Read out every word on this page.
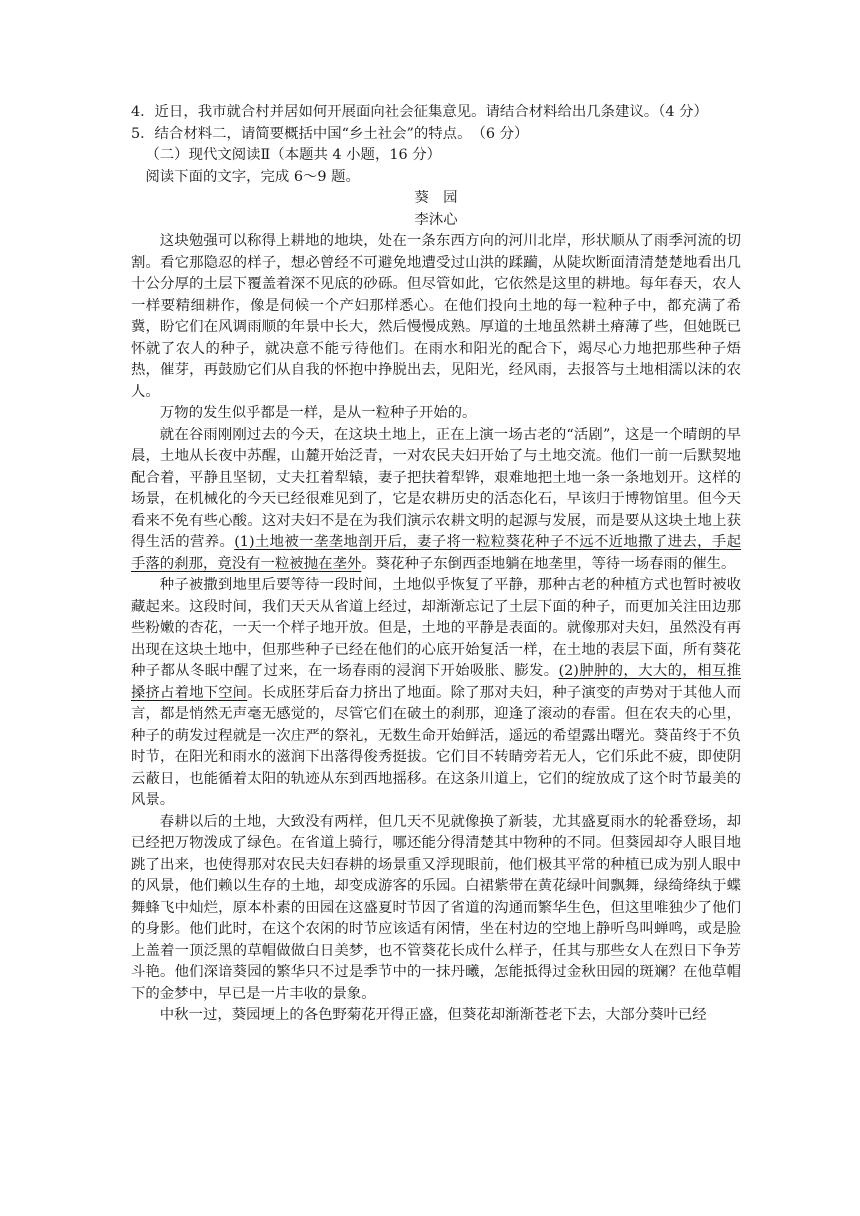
4．近日，我市就合村并居如何开展面向社会征集意见。请结合材料给出几条建议。（4 分）

5．结合材料二，请简要概括中国“乡土社会”的特点。　（6 分）

（二）现代文阅读Ⅱ（本题共 4 小题，16 分）

阅读下面的文字，完成 6～9 题。

葵园

李沐心

这块勉强可以称得上耕地的地块，处在一条东西方向的河川北岸，形状顺从了雨季河流的切割。看它那隐忍的样子，想必曾经不可避免地遭受过山洪的蹂躏，从陡坎断面清清楚楚地看出几十公分厚的土层下覆盖着深不见底的砂砾。但尽管如此，它依然是这里的耕地。每年春天，农人一样要精细耕作，像是伺候一个产妇那样悉心。在他们投向土地的每一粒种子中，都充满了希冀，盼它们在风调雨顺的年景中长大，然后慢慢成熟。厚道的土地虽然耕土瘠薄了些，但她既已怀就了农人的种子，就决意不能亏待他们。在雨水和阳光的配合下，竭尽心力地把那些种子焐热，催芽，再鼓励它们从自我的怀抱中挣脱出去，见阳光，经风雨，去报答与土地相濡以沫的农人。

万物的发生似乎都是一样，是从一粒种子开始的。

就在谷雨刚刚过去的今天，在这块土地上，正在上演一场古老的“活剧”，这是一个晴朗的早晨，土地从长夜中苏醒，山麓开始泛青，一对农民夫妇开始了与土地交流。他们一前一后默契地配合着，平静且坚韧，丈夫扛着犁辕，妻子把扶着犁铧，艰难地把土地一条一条地划开。这样的场景，在机械化的今天已经很难见到了，它是农耕历史的活态化石，早该归于博物馆里。但今天看来不免有些心酸。这对夫妇不是在为我们演示农耕文明的起源与发展，而是要从这块土地上获得生活的营养。(1)土地被一垄垄地剖开后，妻子将一粒粒葵花种子不远不近地撒了进去，手起手落的刹那，竟没有一粒被抛在垄外。葵花种子东倒西歪地躺在地垄里，等待一场春雨的催生。

种子被撒到地里后要等待一段时间，土地似乎恢复了平静，那种古老的种植方式也暂时被收藏起来。这段时间，我们天天从省道上经过，却渐渐忘记了土层下面的种子，而更加关注田边那些粉嫩的杏花，一天一个样子地开放。但是，土地的平静是表面的。就像那对夫妇，虽然没有再出现在这块土地中，但那些种子已经在他们的心底开始复活一样，在土地的表层下面，所有葵花种子都从冬眠中醒了过来，在一场春雨的浸润下开始吸胀、膨发。(2)肿肿的，大大的，相互推搡挤占着地下空间。长成胚芽后奋力挤出了地面。除了那对夫妇，种子演变的声势对于其他人而言，都是悄然无声毫无感觉的，尽管它们在破土的刹那，迎逢了滚动的春雷。但在农夫的心里，种子的萌发过程就是一次庄严的祭礼，无数生命开始鲜活，遥远的希望露出曙光。葵苗终于不负时节，在阳光和雨水的滋润下出落得俊秀挺拔。它们目不转睛旁若无人，它们乐此不疲，即使阴云蔽日，也能循着太阳的轨迹从东到西地摇移。在这条川道上，它们的绽放成了这个时节最美的风景。

春耕以后的土地，大致没有两样，但几天不见就像换了新装，尤其盛夏雨水的轮番登场，却已经把万物泼成了绿色。在省道上骑行，哪还能分得清楚其中物种的不同。但葵园却夺人眼目地跳了出来，也使得那对农民夫妇春耕的场景重又浮现眼前，他们极其平常的种植已成为别人眼中的风景，他们赖以生存的土地，却变成游客的乐园。白裙紫带在黄花绿叶间飘舞，绿绮绛纨于蝶舞蜂飞中灿烂，原本朴素的田园在这盛夏时节因了省道的沟通而繁华生色，但这里唯独少了他们的身影。他们此时，在这个农闲的时节应该适有闲情，坐在村边的空地上静听鸟叫蝉鸣，或是脸上盖着一顶泛黑的草帽做做白日美梦，也不管葵花长成什么样子，任其与那些女人在烈日下争芳斗艳。他们深谙葵园的繁华只不过是季节中的一抹丹曦，怎能抵得过金秋田园的斑斓？在他草帽下的金梦中，早已是一片丰收的景象。

中秋一过，葵园埂上的各色野菊花开得正盛，但葵花却渐渐苍老下去，大部分葵叶已经
